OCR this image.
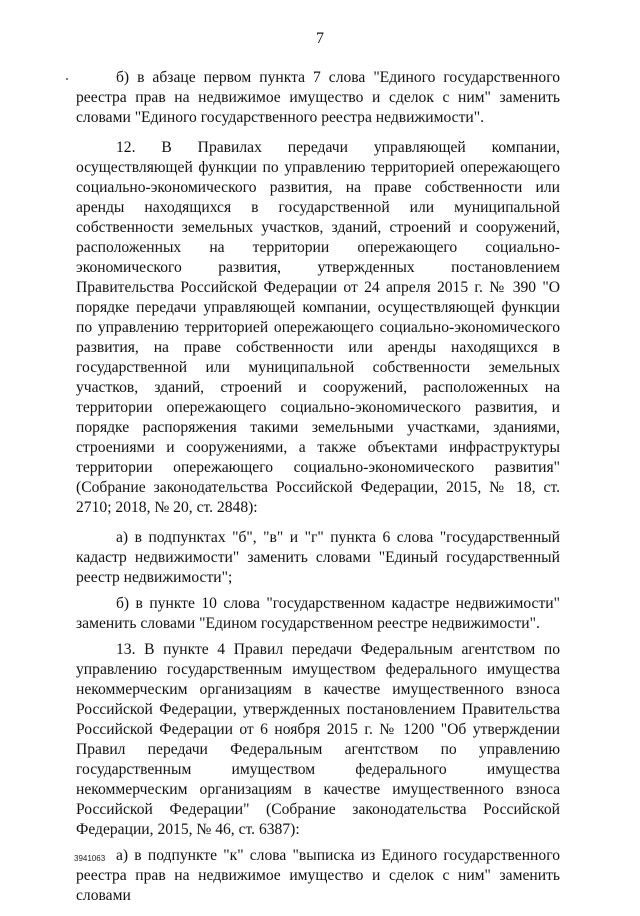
7

б) в абзаце первом пункта 7 слова "Единого государственного реестра прав на недвижимое имущество и сделок с ним" заменить словами "Единого государственного реестра недвижимости".

12. В Правилах передачи управляющей компании, осуществляющей функции по управлению территорией опережающего социально-экономического развития, на праве собственности или аренды находящихся в государственной или муниципальной собственности земельных участков, зданий, строений и сооружений, расположенных на территории опережающего социально-экономического развития, утвержденных постановлением Правительства Российской Федерации от 24 апреля 2015 г. № 390 "О порядке передачи управляющей компании, осуществляющей функции по управлению территорией опережающего социально-экономического развития, на праве собственности или аренды находящихся в государственной или муниципальной собственности земельных участков, зданий, строений и сооружений, расположенных на территории опережающего социально-экономического развития, и порядке распоряжения такими земельными участками, зданиями, строениями и сооружениями, а также объектами инфраструктуры территории опережающего социально-экономического развития" (Собрание законодательства Российской Федерации, 2015, № 18, ст. 2710; 2018, № 20, ст. 2848):

а) в подпунктах "б", "в" и "г" пункта 6 слова "государственный кадастр недвижимости" заменить словами "Единый государственный реестр недвижимости";

б) в пункте 10 слова "государственном кадастре недвижимости" заменить словами "Едином государственном реестре недвижимости".

13. В пункте 4 Правил передачи Федеральным агентством по управлению государственным имуществом федерального имущества некоммерческим организациям в качестве имущественного взноса Российской Федерации, утвержденных постановлением Правительства Российской Федерации от 6 ноября 2015 г. № 1200 "Об утверждении Правил передачи Федеральным агентством по управлению государственным имуществом федерального имущества некоммерческим организациям в качестве имущественного взноса Российской Федерации" (Собрание законодательства Российской Федерации, 2015, № 46, ст. 6387):

а) в подпункте "к" слова "выписка из Единого государственного реестра прав на недвижимое имущество и сделок с ним" заменить словами

3941063
